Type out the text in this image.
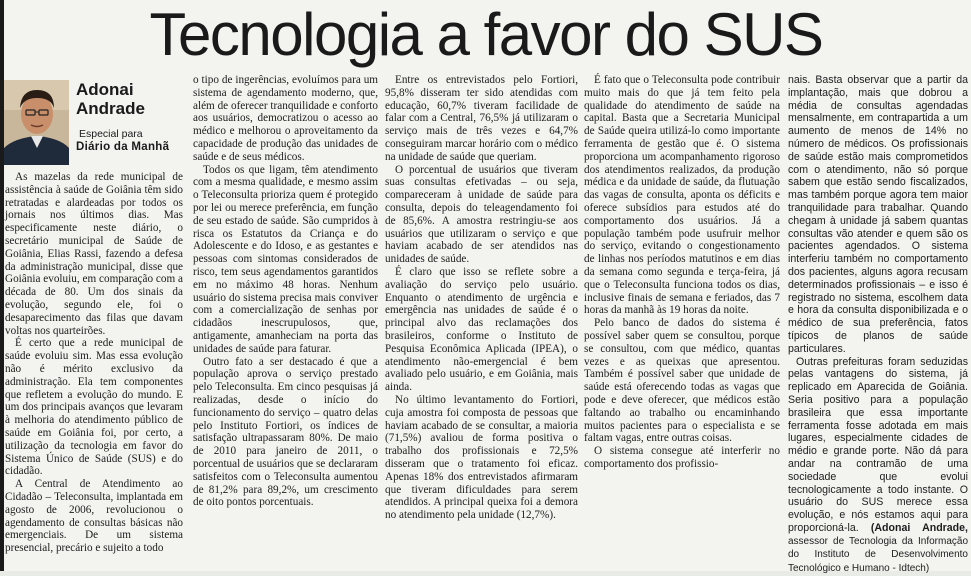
Tecnologia a favor do SUS
Adonai
Andrade
Especial para
Diário da Manhã

As mazelas da rede municipal de assistência à saúde de Goiânia têm sido retratadas e alardeadas por todos os jornais nos últimos dias. Mas especificamente neste diário, o secretário municipal de Saúde de Goiânia, Elias Rassi, fazendo a defesa da administração municipal, disse que Goiânia evoluiu, em comparação com a década de 80. Um dos sinais da evolução, segundo ele, foi o desaparecimento das filas que davam voltas nos quarteirões.

É certo que a rede municipal de saúde evoluiu sim. Mas essa evolução não é mérito exclusivo da administração. Ela tem componentes que refletem a evolução do mundo. E um dos principais avanços que levaram à melhoria do atendimento público de saúde em Goiânia foi, por certo, a utilização da tecnologia em favor do Sistema Único de Saúde (SUS) e do cidadão.

A Central de Atendimento ao Cidadão – Teleconsulta, implantada em agosto de 2006, revolucionou o agendamento de consultas básicas não emergenciais. De um sistema presencial, precário e sujeito a todo

o tipo de ingerências, evoluímos para um sistema de agendamento moderno, que, além de oferecer tranquilidade e conforto aos usuários, democratizou o acesso ao médico e melhorou o aproveitamento da capacidade de produção das unidades de saúde e de seus médicos.

Todos os que ligam, têm atendimento com a mesma qualidade, e mesmo assim o Teleconsulta prioriza quem é protegido por lei ou merece preferência, em função de seu estado de saúde. São cumpridos à risca os Estatutos da Criança e do Adolescente e do Idoso, e as gestantes e pessoas com sintomas considerados de risco, tem seus agendamentos garantidos em no máximo 48 horas. Nenhum usuário do sistema precisa mais conviver com a comercialização de senhas por cidadãos inescrupulosos, que, antigamente, amanheciam na porta das unidades de saúde para faturar.

Outro fato a ser destacado é que a população aprova o serviço prestado pelo Teleconsulta. Em cinco pesquisas já realizadas, desde o início do funcionamento do serviço – quatro delas pelo Instituto Fortiori, os índices de satisfação ultrapassaram 80%. De maio de 2010 para janeiro de 2011, o porcentual de usuários que se declararam satisfeitos com o Teleconsulta aumentou de 81,2% para 89,2%, um crescimento de oito pontos porcentuais.

Entre os entrevistados pelo Fortiori, 95,8% disseram ter sido atendidas com educação, 60,7% tiveram facilidade de falar com a Central, 76,5% já utilizaram o serviço mais de três vezes e 64,7% conseguiram marcar horário com o médico na unidade de saúde que queriam.

O porcentual de usuários que tiveram suas consultas efetivadas – ou seja, compareceram à unidade de saúde para consulta, depois do teleagendamento foi de 85,6%. A amostra restringiu-se aos usuários que utilizaram o serviço e que haviam acabado de ser atendidos nas unidades de saúde.

É claro que isso se reflete sobre a avaliação do serviço pelo usuário. Enquanto o atendimento de urgência e emergência nas unidades de saúde é o principal alvo das reclamações dos brasileiros, conforme o Instituto de Pesquisa Econômica Aplicada (IPEA), o atendimento não-emergencial é bem avaliado pelo usuário, e em Goiânia, mais ainda.

No último levantamento do Fortiori, cuja amostra foi composta de pessoas que haviam acabado de se consultar, a maioria (71,5%) avaliou de forma positiva o trabalho dos profissionais e 72,5% disseram que o tratamento foi eficaz. Apenas 18% dos entrevistados afirmaram que tiveram dificuldades para serem atendidos. A principal queixa foi a demora no atendimento pela unidade (12,7%).

É fato que o Teleconsulta pode contribuir muito mais do que já tem feito pela qualidade do atendimento de saúde na capital. Basta que a Secretaria Municipal de Saúde queira utilizá-lo como importante ferramenta de gestão que é. O sistema proporciona um acompanhamento rigoroso dos atendimentos realizados, da produção médica e da unidade de saúde, da flutuação das vagas de consulta, aponta os déficits e oferece subsídios para estudos até do comportamento dos usuários. Já a população também pode usufruir melhor do serviço, evitando o congestionamento de linhas nos períodos matutinos e em dias da semana como segunda e terça-feira, já que o Teleconsulta funciona todos os dias, inclusive finais de semana e feriados, das 7 horas da manhã às 19 horas da noite.

Pelo banco de dados do sistema é possível saber quem se consultou, porque se consultou, com que médico, quantas vezes e as queixas que apresentou. Também é possível saber que unidade de saúde está oferecendo todas as vagas que pode e deve oferecer, que médicos estão faltando ao trabalho ou encaminhando muitos pacientes para o especialista e se faltam vagas, entre outras coisas.

O sistema consegue até interferir no comportamento dos profissio-

nais. Basta observar que a partir da implantação, mais que dobrou a média de consultas agendadas mensalmente, em contrapartida a um aumento de menos de 14% no número de médicos. Os profissionais de saúde estão mais comprometidos com o atendimento, não só porque sabem que estão sendo fiscalizados, mas também porque agora tem maior tranquilidade para trabalhar. Quando chegam à unidade já sabem quantas consultas vão atender e quem são os pacientes agendados. O sistema interferiu também no comportamento dos pacientes, alguns agora recusam determinados profissionais – e isso é registrado no sistema, escolhem data e hora da consulta disponibilizada e o médico de sua preferência, fatos típicos de planos de saúde particulares.

Outras prefeituras foram seduzidas pelas vantagens do sistema, já replicado em Aparecida de Goiânia. Seria positivo para a população brasileira que essa importante ferramenta fosse adotada em mais lugares, especialmente cidades de médio e grande porte. Não dá para andar na contramão de uma sociedade que evolui tecnologicamente a todo instante. O usuário do SUS merece essa evolução, e nós estamos aqui para proporcioná-la. (Adonai Andrade, assessor de Tecnologia da Informação do Instituto de Desenvolvimento Tecnológico e Humano - Idtech)
